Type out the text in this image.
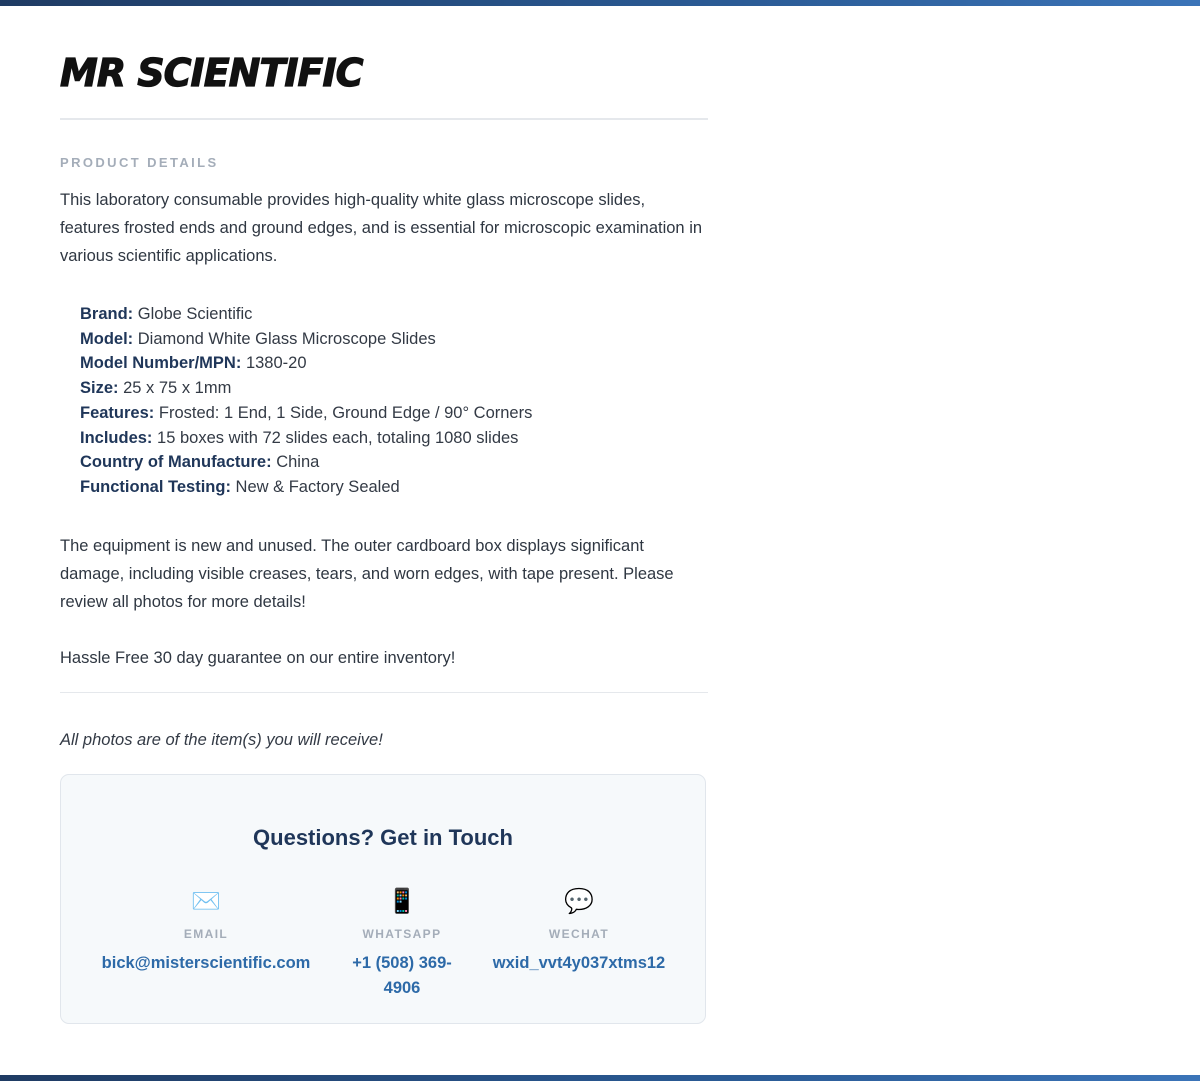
MR SCIENTIFIC
PRODUCT DETAILS

This laboratory consumable provides high-quality white glass microscope slides, features frosted ends and ground edges, and is essential for microscopic examination in various scientific applications.

Brand: Globe Scientific
Model: Diamond White Glass Microscope Slides
Model Number/MPN: 1380-20
Size: 25 x 75 x 1mm
Features: Frosted: 1 End, 1 Side, Ground Edge / 90° Corners
Includes: 15 boxes with 72 slides each, totaling 1080 slides
Country of Manufacture: China
Functional Testing: New & Factory Sealed

The equipment is new and unused. The outer cardboard box displays significant damage, including visible creases, tears, and worn edges, with tape present. Please review all photos for more details!

Hassle Free 30 day guarantee on our entire inventory!

All photos are of the item(s) you will receive!

Questions? Get in Touch
✉️
EMAIL
bick@misterscientific.com
📱
WHATSAPP
+1 (508) 369-4906
💬
WECHAT
wxid_vvt4y037xtms12
